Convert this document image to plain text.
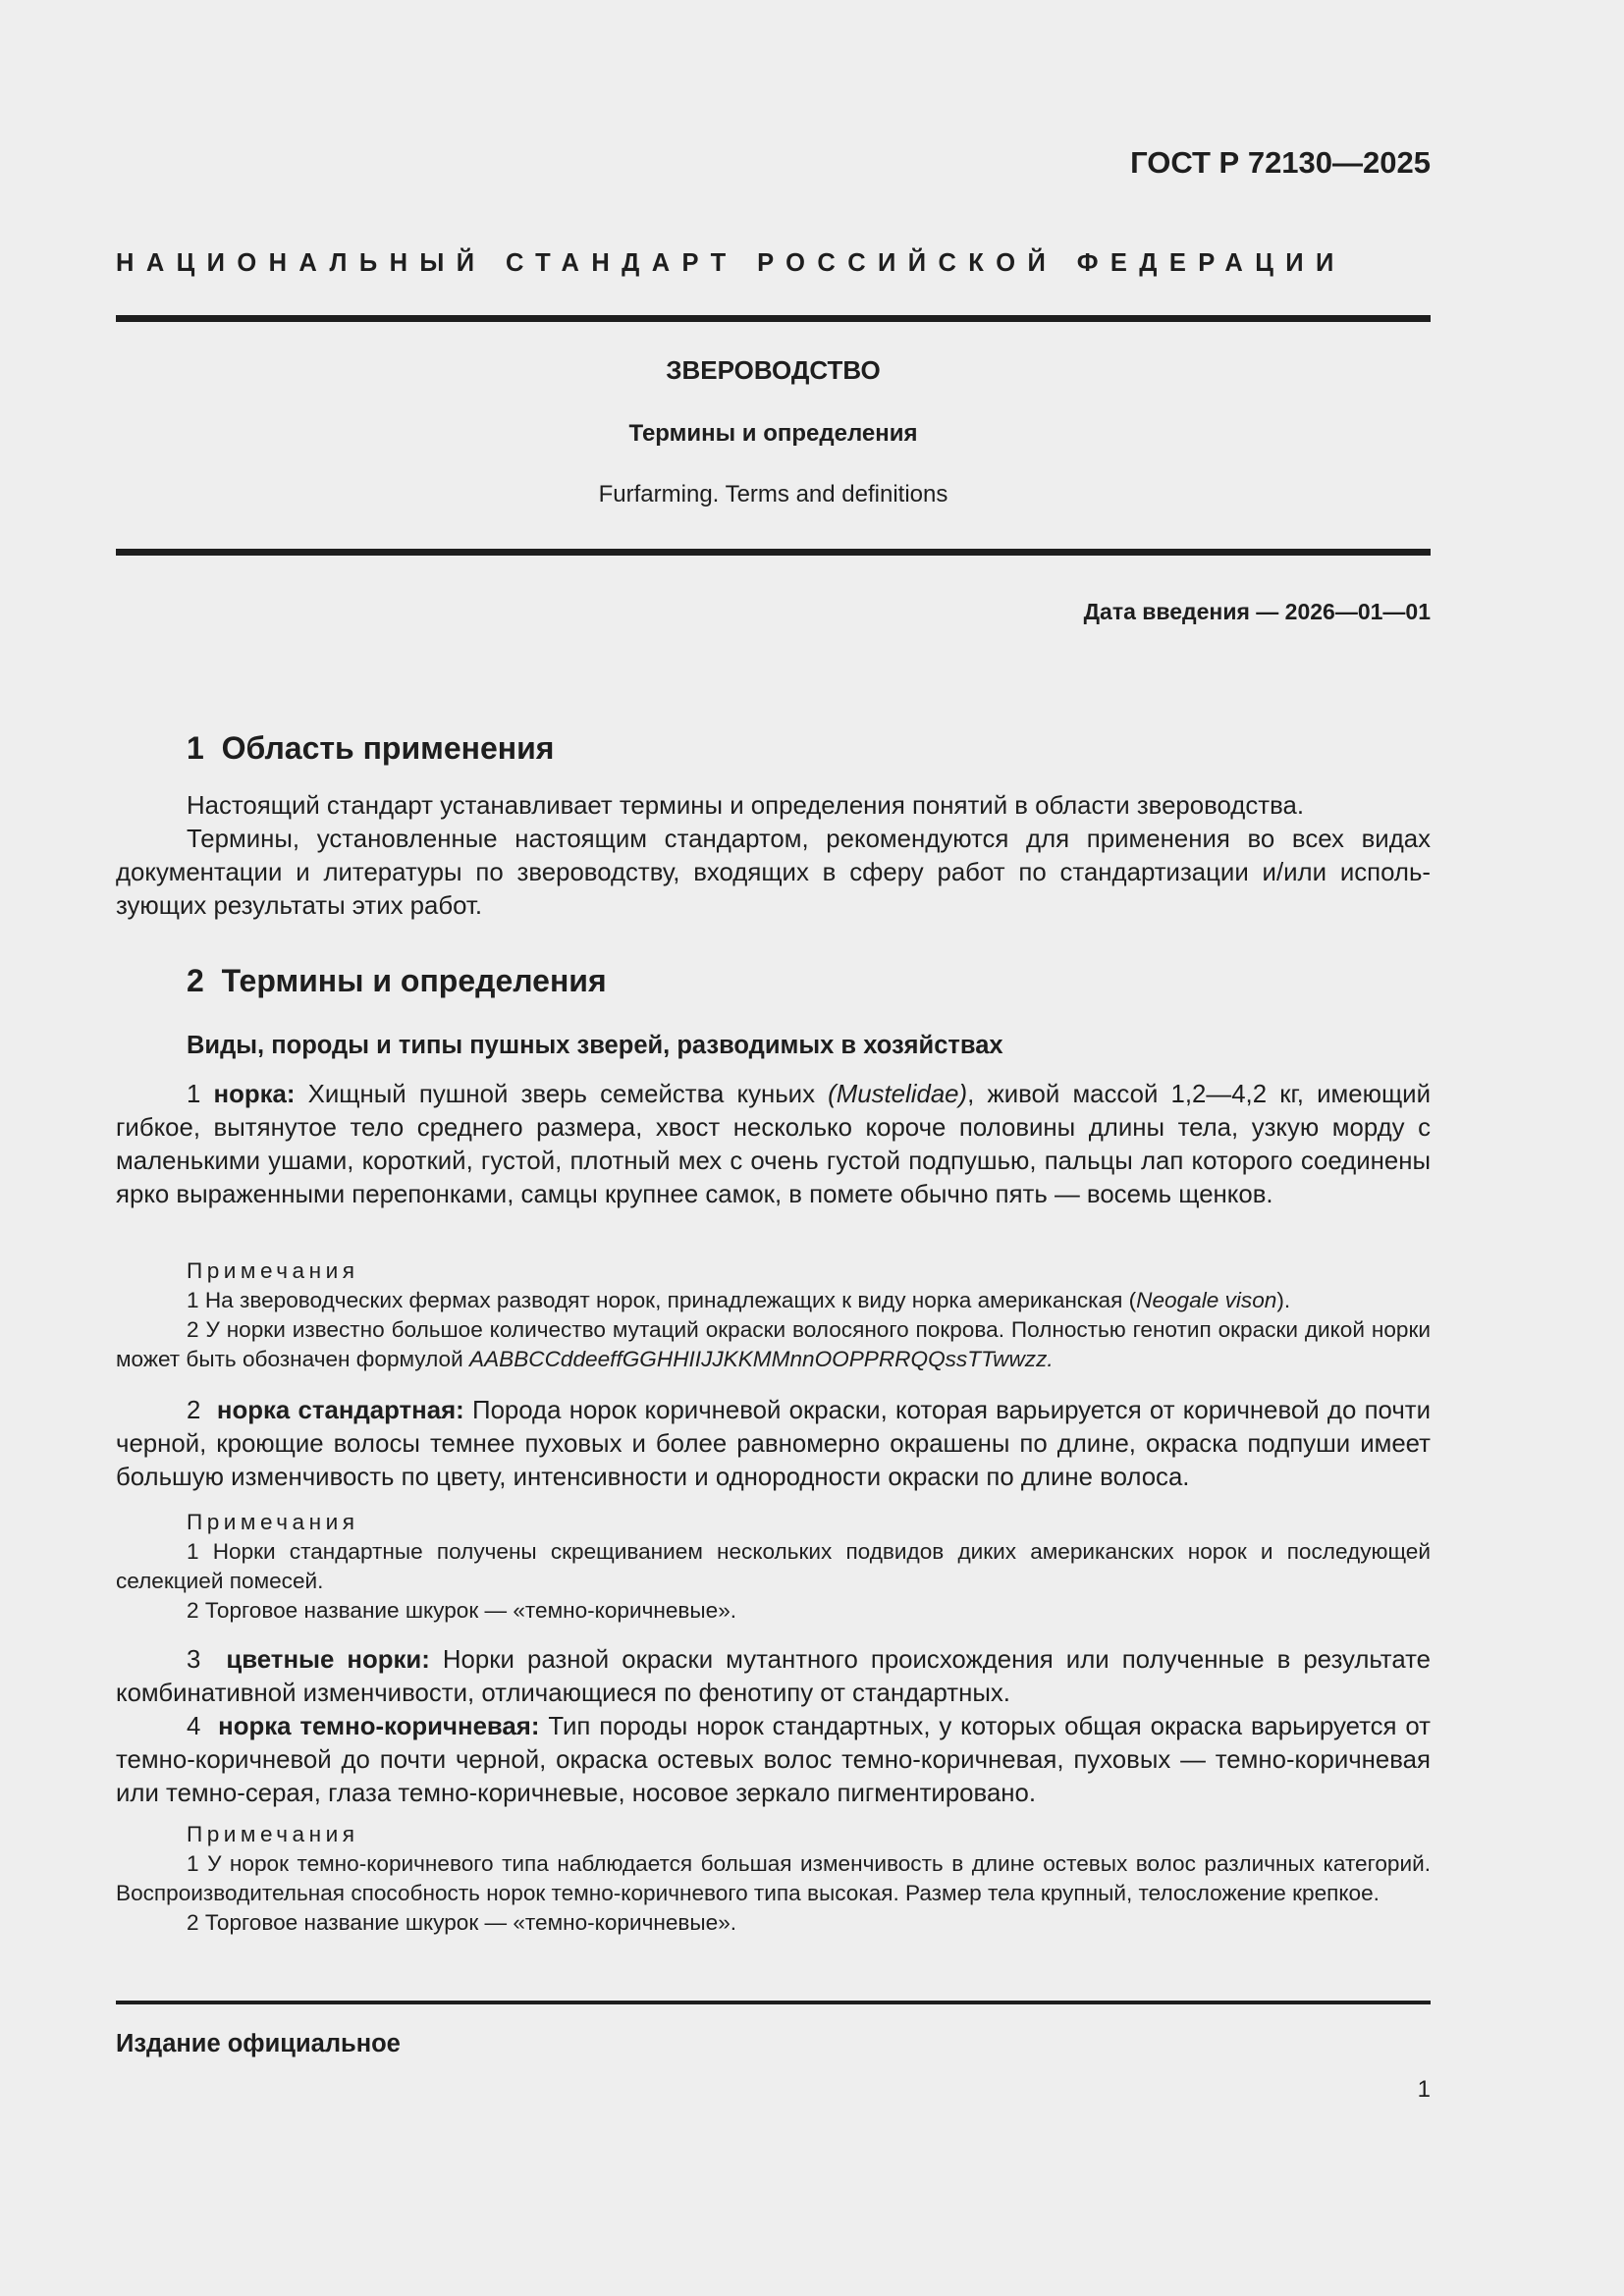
ГОСТ Р 72130—2025
НАЦИОНАЛЬНЫЙ СТАНДАРТ РОССИЙСКОЙ ФЕДЕРАЦИИ
ЗВЕРОВОДСТВО
Термины и определения
Furfarming. Terms and definitions
Дата введения — 2026—01—01
1  Область применения

Настоящий стандарт устанавливает термины и определения понятий в области звероводства.

Термины, установленные настоящим стандартом, рекомендуются для применения во всех видах документации и литературы по звероводству, входящих в сферу работ по стандартизации и/или использующих результаты этих работ.

2  Термины и определения
Виды, породы и типы пушных зверей, разводимых в хозяйствах

1 норка: Хищный пушной зверь семейства куньих (Mustelidae), живой массой 1,2—4,2 кг, имеющий гибкое, вытянутое тело среднего размера, хвост несколько короче половины длины тела, узкую морду с маленькими ушами, короткий, густой, плотный мех с очень густой подпушью, пальцы лап которого соединены ярко выраженными перепонками, самцы крупнее самок, в помете обычно пять — восемь щенков.

Примечания

1 На звероводческих фермах разводят норок, принадлежащих к виду норка американская (Neogale vison).

2 У норки известно большое количество мутаций окраски волосяного покрова. Полностью генотип окраски дикой норки может быть обозначен формулой AABBCCddeeffGGHHIIJJKKMMnnOOPPRRQQssTTwwzz.

2 норка стандартная: Порода норок коричневой окраски, которая варьируется от коричневой до почти черной, кроющие волосы темнее пуховых и более равномерно окрашены по длине, окраска подпуши имеет большую изменчивость по цвету, интенсивности и однородности окраски по длине волоса.

Примечания

1 Норки стандартные получены скрещиванием нескольких подвидов диких американских норок и последующей селекцией помесей.

2 Торговое название шкурок — «темно-коричневые».

3 цветные норки: Норки разной окраски мутантного происхождения или полученные в результате комбинативной изменчивости, отличающиеся по фенотипу от стандартных.

4 норка темно-коричневая: Тип породы норок стандартных, у которых общая окраска варьируется от темно-коричневой до почти черной, окраска остевых волос темно-коричневая, пуховых — темно-коричневая или темно-серая, глаза темно-коричневые, носовое зеркало пигментировано.

Примечания

1 У норок темно-коричневого типа наблюдается большая изменчивость в длине остевых волос различных категорий. Воспроизводительная способность норок темно-коричневого типа высокая. Размер тела крупный, телосложение крепкое.

2 Торговое название шкурок — «темно-коричневые».

Издание официальное
1
